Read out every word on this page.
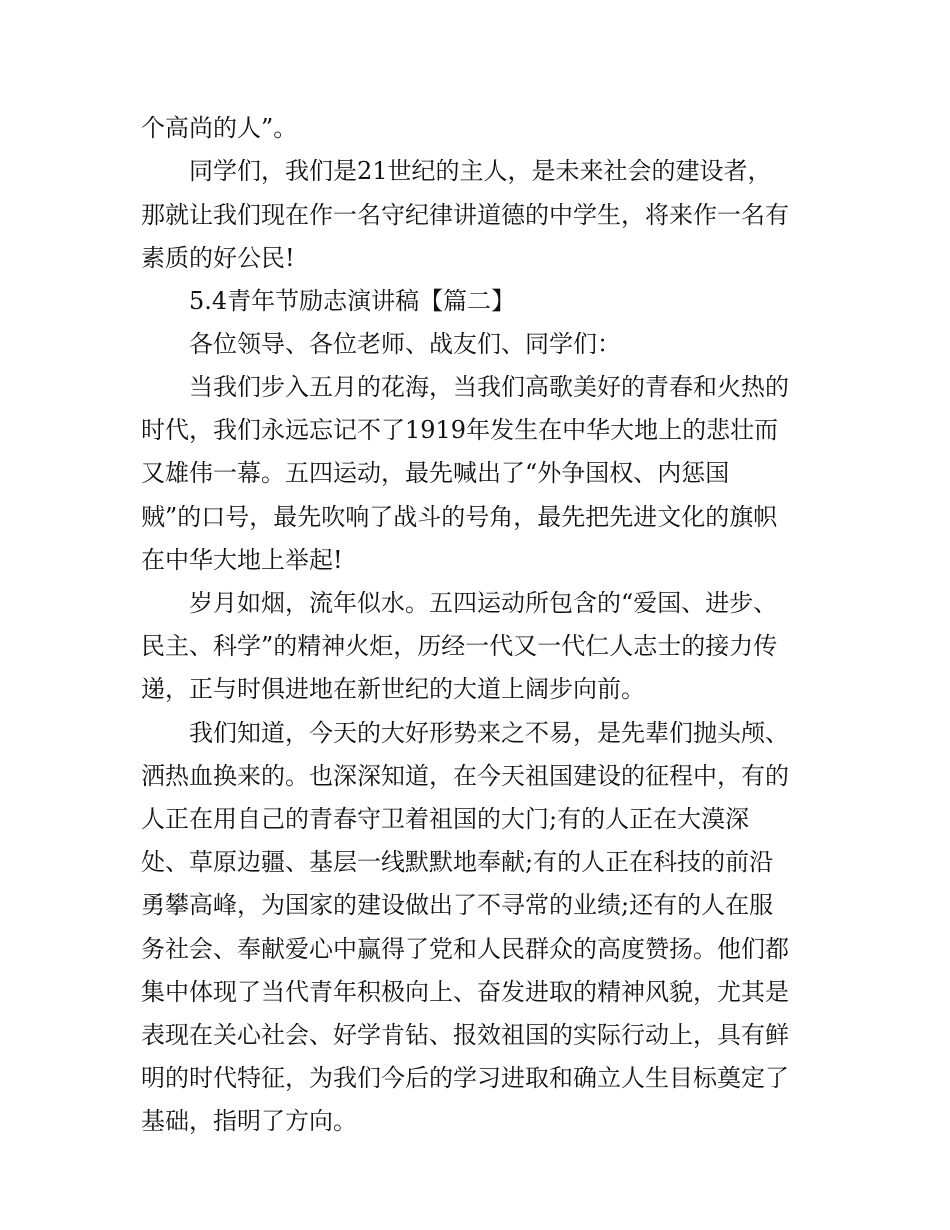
个高尚的人”。
同学们，我们是21世纪的主人，是未来社会的建设者，
那就让我们现在作一名守纪律讲道德的中学生，将来作一名有
素质的好公民!
5.4青年节励志演讲稿【篇二】
各位领导、各位老师、战友们、同学们：
当我们步入五月的花海，当我们高歌美好的青春和火热的
时代，我们永远忘记不了1919年发生在中华大地上的悲壮而
又雄伟一幕。五四运动，最先喊出了“外争国权、内惩国
贼”的口号，最先吹响了战斗的号角，最先把先进文化的旗帜
在中华大地上举起!
岁月如烟，流年似水。五四运动所包含的“爱国、进步、
民主、科学”的精神火炬，历经一代又一代仁人志士的接力传
递，正与时俱进地在新世纪的大道上阔步向前。
我们知道，今天的大好形势来之不易，是先辈们抛头颅、
洒热血换来的。也深深知道，在今天祖国建设的征程中，有的
人正在用自己的青春守卫着祖国的大门;有的人正在大漠深
处、草原边疆、基层一线默默地奉献;有的人正在科技的前沿
勇攀高峰，为国家的建设做出了不寻常的业绩;还有的人在服
务社会、奉献爱心中赢得了党和人民群众的高度赞扬。他们都
集中体现了当代青年积极向上、奋发进取的精神风貌，尤其是
表现在关心社会、好学肯钻、报效祖国的实际行动上，具有鲜
明的时代特征，为我们今后的学习进取和确立人生目标奠定了
基础，指明了方向。
